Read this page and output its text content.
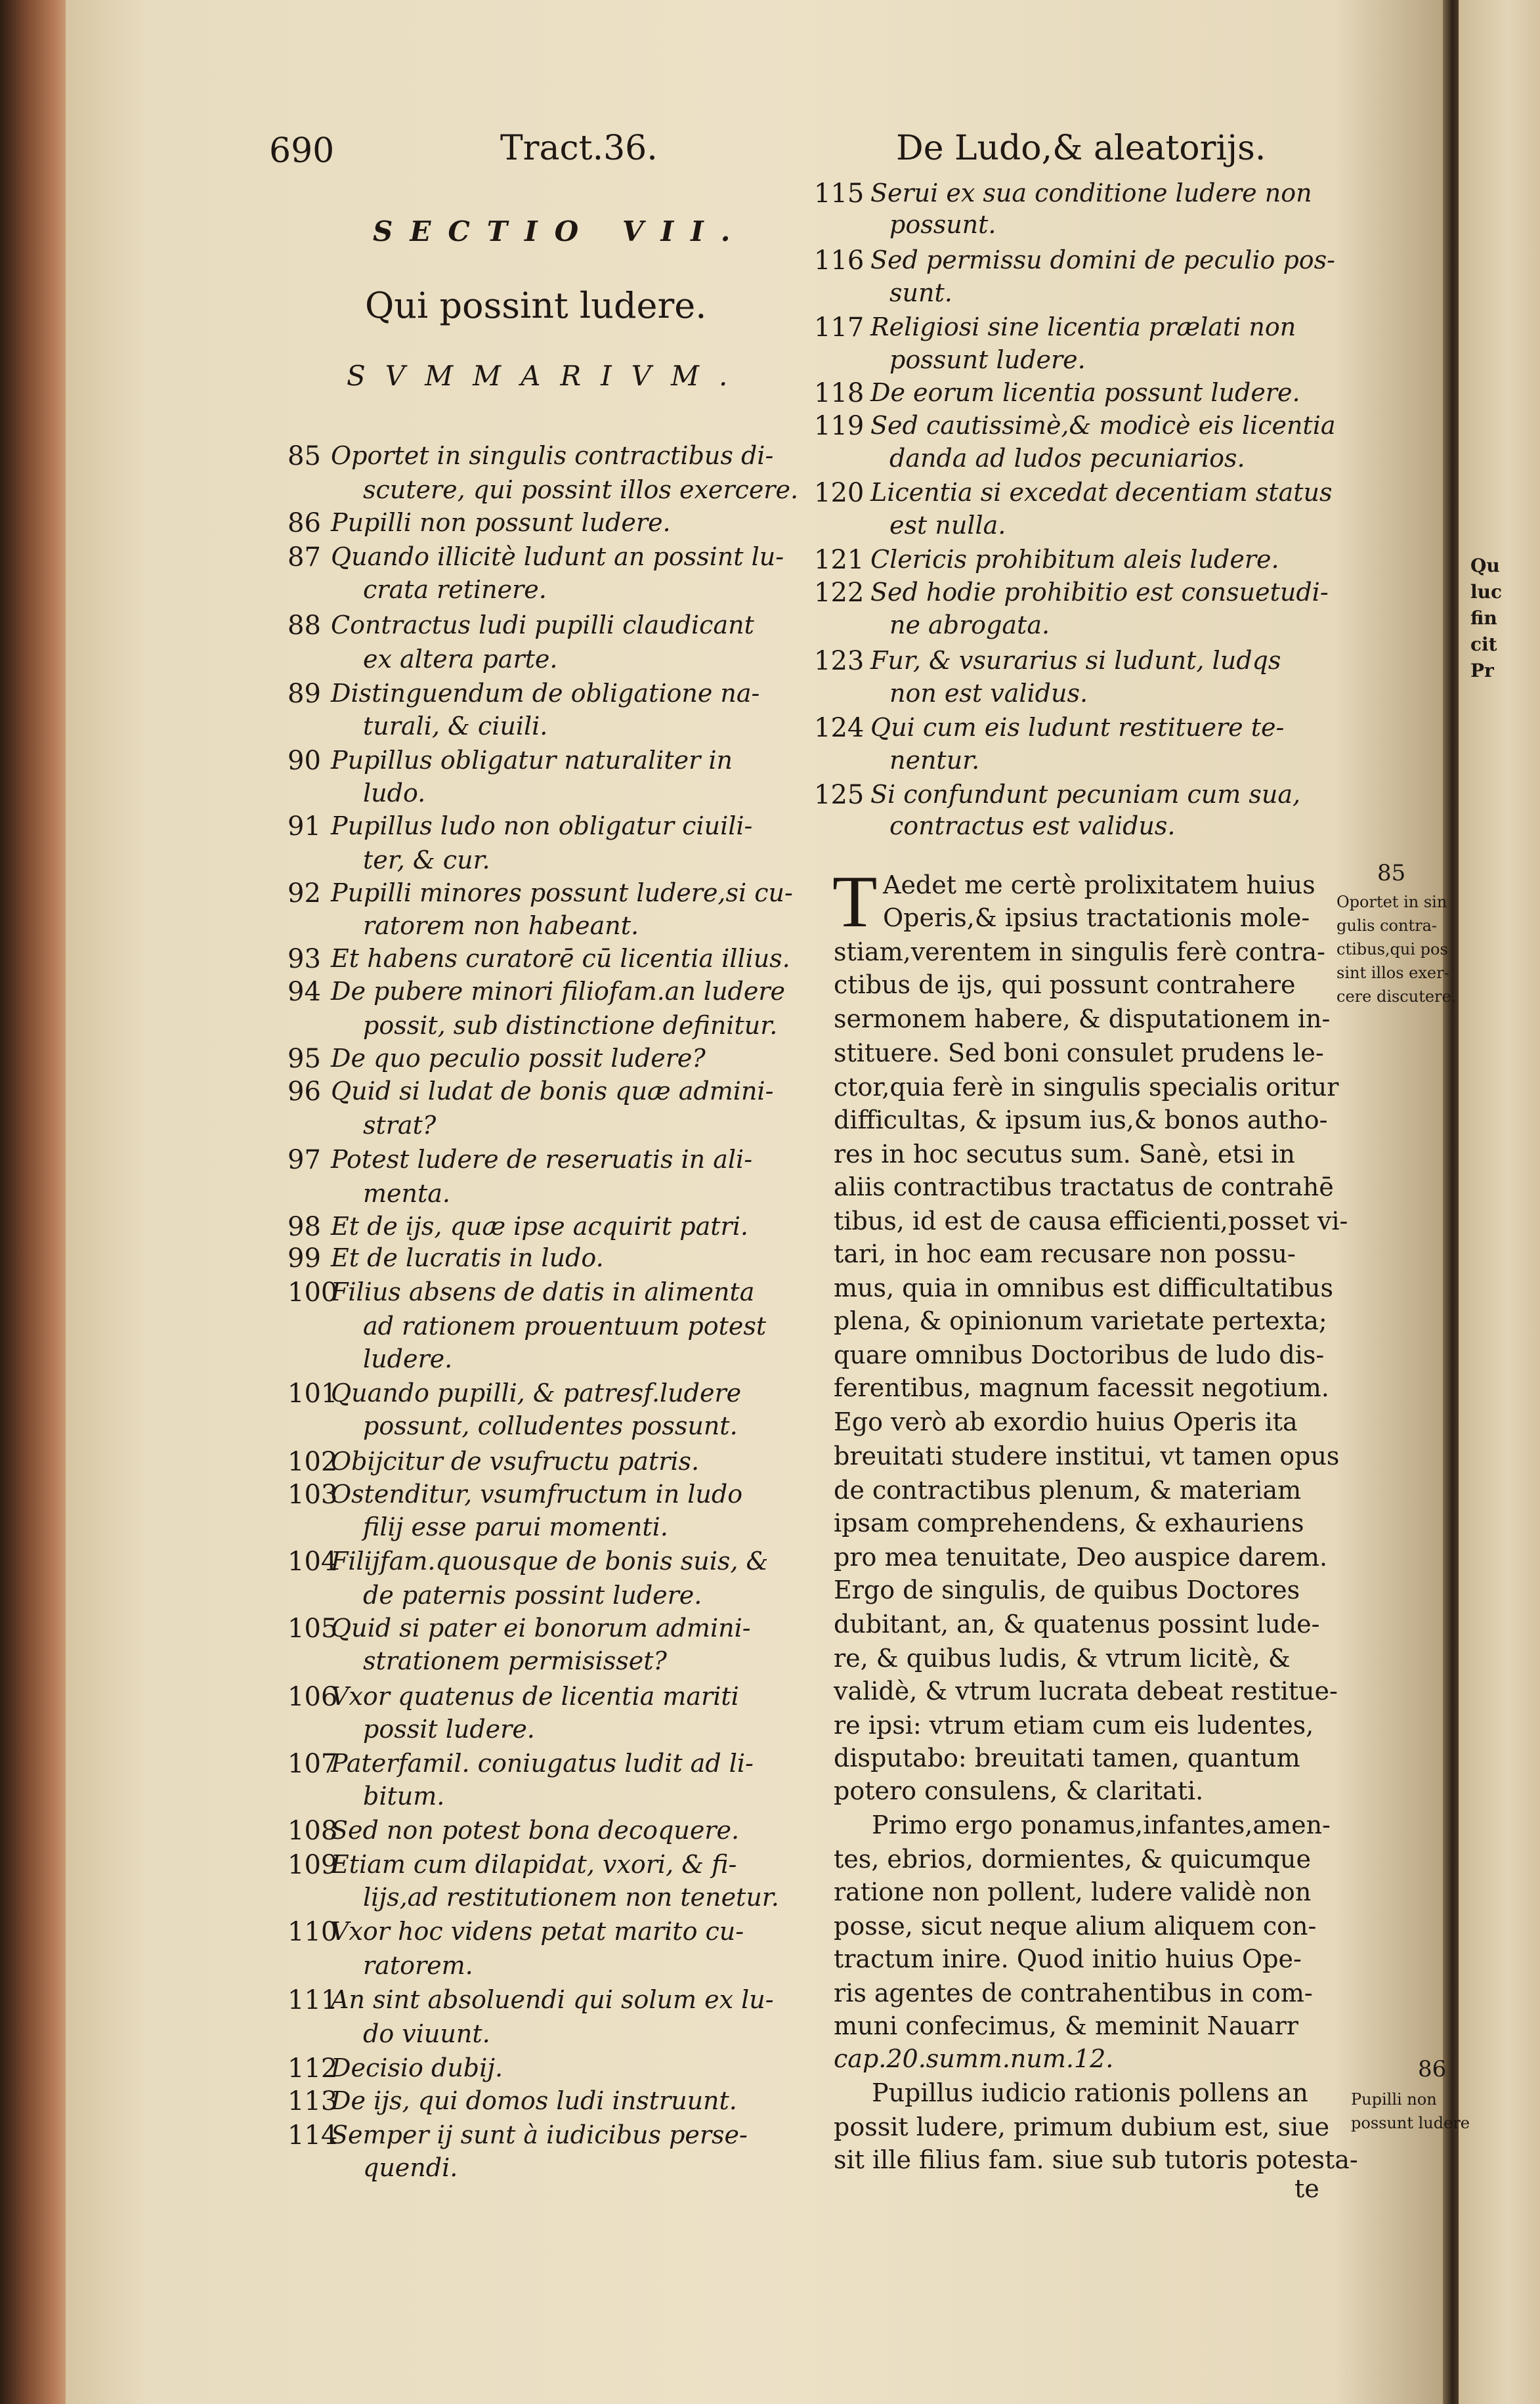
Qu
luc
fin
cit
Pr
690	Tract.36.	De Ludo,& aleatorijs.
SECTIO VII.
Qui possint ludere.
SVMMARIVM.
85 Oportet in singulis contractibus di-
scutere, qui possint illos exercere.
86 Pupilli non possunt ludere.
87 Quando illicitè ludunt an possint lu-
crata retinere.
88 Contractus ludi pupilli claudicant
ex altera parte.
89 Distinguendum de obligatione na-
turali, & ciuili.
90 Pupillus obligatur naturaliter in
ludo.
91 Pupillus ludo non obligatur ciuili-
ter, & cur.
92 Pupilli minores possunt ludere,si cu-
ratorem non habeant.
93 Et habens curatorē cū licentia illius.
94 De pubere minori filiofam.an ludere
possit, sub distinctione definitur.
95 De quo peculio possit ludere?
96 Quid si ludat de bonis quæ admini-
strat?
97 Potest ludere de reseruatis in ali-
menta.
98 Et de ijs, quæ ipse acquirit patri.
99 Et de lucratis in ludo.
100
Filius absens de datis in alimenta
ad rationem prouentuum potest
ludere.
101
Quando pupilli, & patresf.ludere
possunt, colludentes possunt.
102
Obijcitur de vsufructu patris.
103
Ostenditur, vsumfructum in ludo
filij esse parui momenti.
104
Filijfam.quousque de bonis suis, &
de paternis possint ludere.
105
Quid si pater ei bonorum admini-
strationem permisisset?
106
Vxor quatenus de licentia mariti
possit ludere.
107
Paterfamil. coniugatus ludit ad li-
bitum.
108
Sed non potest bona decoquere.
109
Etiam cum dilapidat, vxori, & fi-
lijs,ad restitutionem non tenetur.
110
Vxor hoc videns petat marito cu-
ratorem.
111
An sint absoluendi qui solum ex lu-
do viuunt.
112
Decisio dubij.
113
De ijs, qui domos ludi instruunt.
114
Semper ij sunt à iudicibus perse-
quendi.
115 Serui ex sua conditione ludere non
possunt.
116 Sed permissu domini de peculio pos-
sunt.
117 Religiosi sine licentia prælati non
possunt ludere.
118 De eorum licentia possunt ludere.
119 Sed cautissimè,& modicè eis licentia
danda ad ludos pecuniarios.
120 Licentia si excedat decentiam status
est nulla.
121 Clericis prohibitum aleis ludere.
122 Sed hodie prohibitio est consuetudi-
ne abrogata.
123 Fur, & vsurarius si ludunt, ludqs
non est validus.
124 Qui cum eis ludunt restituere te-
nentur.
125 Si confundunt pecuniam cum sua,
contractus est validus.
T Aedet me certè prolixitatem huius
Operis,& ipsius tractationis mole-
stiam,verentem in singulis ferè contra-
ctibus de ijs, qui possunt contrahere
sermonem habere, & disputationem in-
stituere. Sed boni consulet prudens le-
ctor,quia ferè in singulis specialis oritur
difficultas, & ipsum ius,& bonos autho-
res in hoc secutus sum. Sanè, etsi in
aliis contractibus tractatus de contrahē
tibus, id est de causa efficienti,posset vi-
tari, in hoc eam recusare non possu-
mus, quia in omnibus est difficultatibus
plena, & opinionum varietate pertexta;
quare omnibus Doctoribus de ludo dis-
ferentibus, magnum facessit negotium.
Ego verò ab exordio huius Operis ita
breuitati studere institui, vt tamen opus
de contractibus plenum, & materiam
ipsam comprehendens, & exhauriens
pro mea tenuitate, Deo auspice darem.
Ergo de singulis, de quibus Doctores
dubitant, an, & quatenus possint lude-
re, & quibus ludis, & vtrum licitè, &
validè, & vtrum lucrata debeat restitue-
re ipsi: vtrum etiam cum eis ludentes,
disputabo: breuitati tamen, quantum
potero consulens, & claritati.
Primo ergo ponamus,infantes,amen-
tes, ebrios, dormientes, & quicumque
ratione non pollent, ludere validè non
posse, sicut neque alium aliquem con-
tractum inire. Quod initio huius Ope-
ris agentes de contrahentibus in com-
muni confecimus, & meminit Nauarr
cap.20.summ.num.12.
Pupillus iudicio rationis pollens an
possit ludere, primum dubium est, siue
sit ille filius fam. siue sub tutoris potesta-
te
85
Oportet in sin
gulis contra-
ctibus,qui pos
sint illos exer-
cere discutere.
86
Pupilli non
possunt ludere
